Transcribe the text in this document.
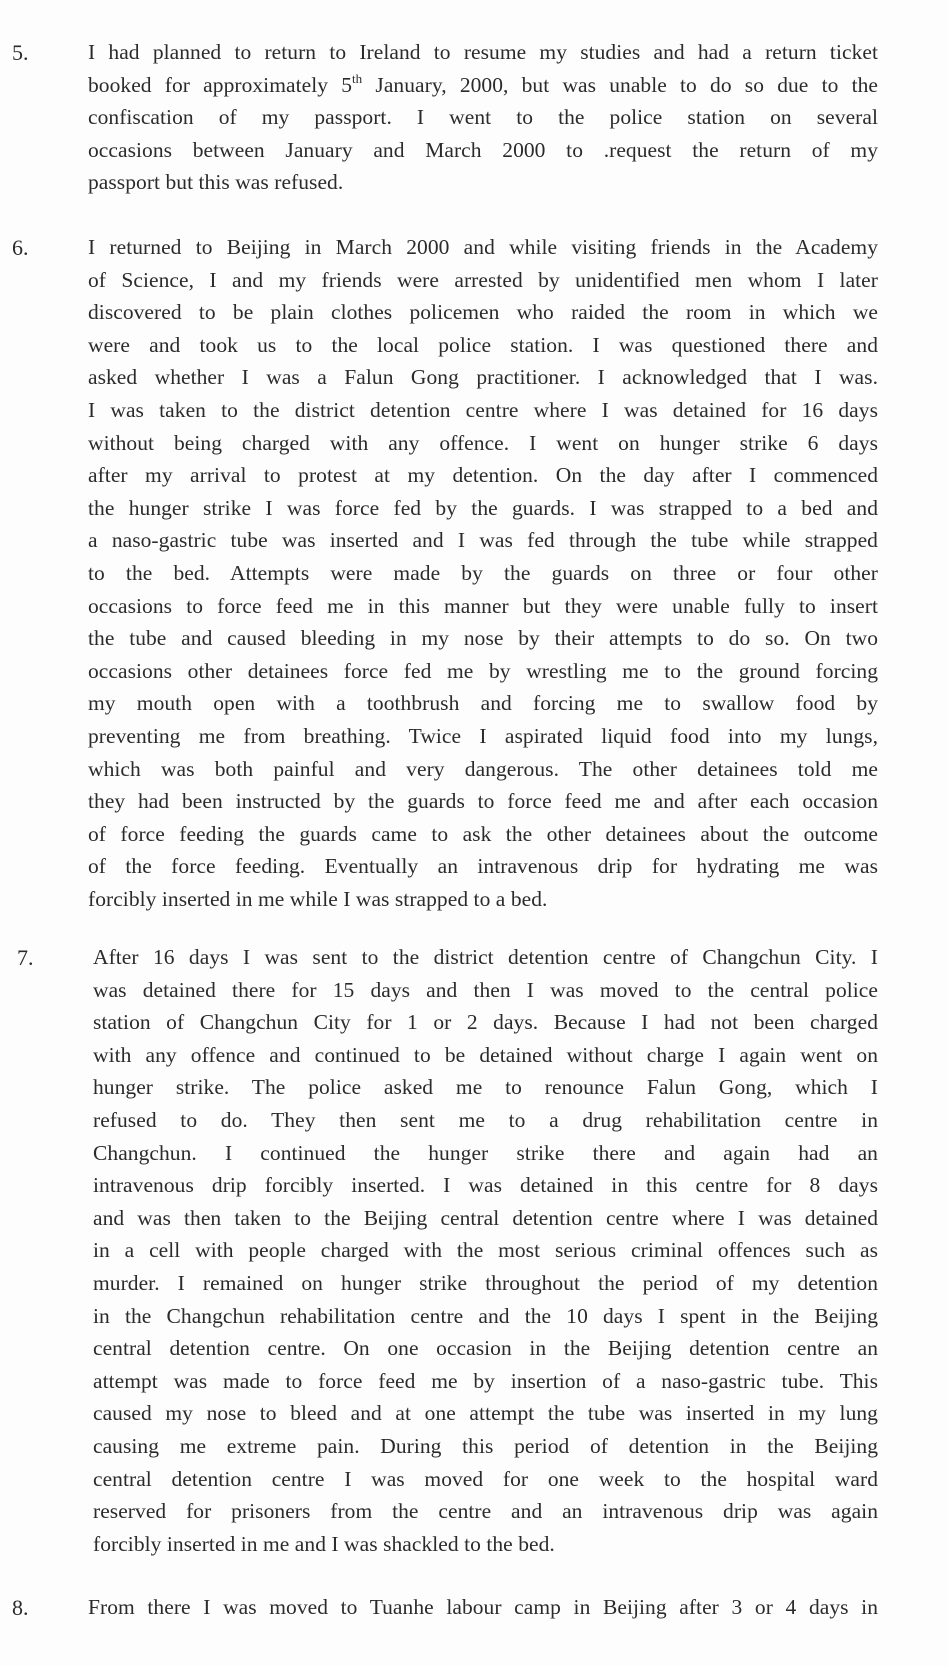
5.	I had planned to return to Ireland to resume my studies and had a return ticket
booked for approximately 5th January, 2000, but was unable to do so due to the
confiscation of my passport. I went to the police station on several
occasions between January and March 2000 to .request the return of my
passport but this was refused.
6.	I returned to Beijing in March 2000 and while visiting friends in the Academy
of Science, I and my friends were arrested by unidentified men whom I later
discovered to be plain clothes policemen who raided the room in which we
were and took us to the local police station. I was questioned there and
asked whether I was a Falun Gong practitioner. I acknowledged that I was.
I was taken to the district detention centre where I was detained for 16 days
without being charged with any offence. I went on hunger strike 6 days
after my arrival to protest at my detention. On the day after I commenced
the hunger strike I was force fed by the guards. I was strapped to a bed and
a naso-gastric tube was inserted and I was fed through the tube while strapped
to the bed. Attempts were made by the guards on three or four other
occasions to force feed me in this manner but they were unable fully to insert
the tube and caused bleeding in my nose by their attempts to do so. On two
occasions other detainees force fed me by wrestling me to the ground forcing
my mouth open with a toothbrush and forcing me to swallow food by
preventing me from breathing. Twice I aspirated liquid food into my lungs,
which was both painful and very dangerous. The other detainees told me
they had been instructed by the guards to force feed me and after each occasion
of force feeding the guards came to ask the other detainees about the outcome
of the force feeding. Eventually an intravenous drip for hydrating me was
forcibly inserted in me while I was strapped to a bed.
7.	After 16 days I was sent to the district detention centre of Changchun City. I
was detained there for 15 days and then I was moved to the central police
station of Changchun City for 1 or 2 days. Because I had not been charged
with any offence and continued to be detained without charge I again went on
hunger strike. The police asked me to renounce Falun Gong, which I
refused to do. They then sent me to a drug rehabilitation centre in
Changchun. I continued the hunger strike there and again had an
intravenous drip forcibly inserted. I was detained in this centre for 8 days
and was then taken to the Beijing central detention centre where I was detained
in a cell with people charged with the most serious criminal offences such as
murder. I remained on hunger strike throughout the period of my detention
in the Changchun rehabilitation centre and the 10 days I spent in the Beijing
central detention centre. On one occasion in the Beijing detention centre an
attempt was made to force feed me by insertion of a naso-gastric tube. This
caused my nose to bleed and at one attempt the tube was inserted in my lung
causing me extreme pain. During this period of detention in the Beijing
central detention centre I was moved for one week to the hospital ward
reserved for prisoners from the centre and an intravenous drip was again
forcibly inserted in me and I was shackled to the bed.
8.	From there I was moved to Tuanhe labour camp in Beijing after 3 or 4 days in
